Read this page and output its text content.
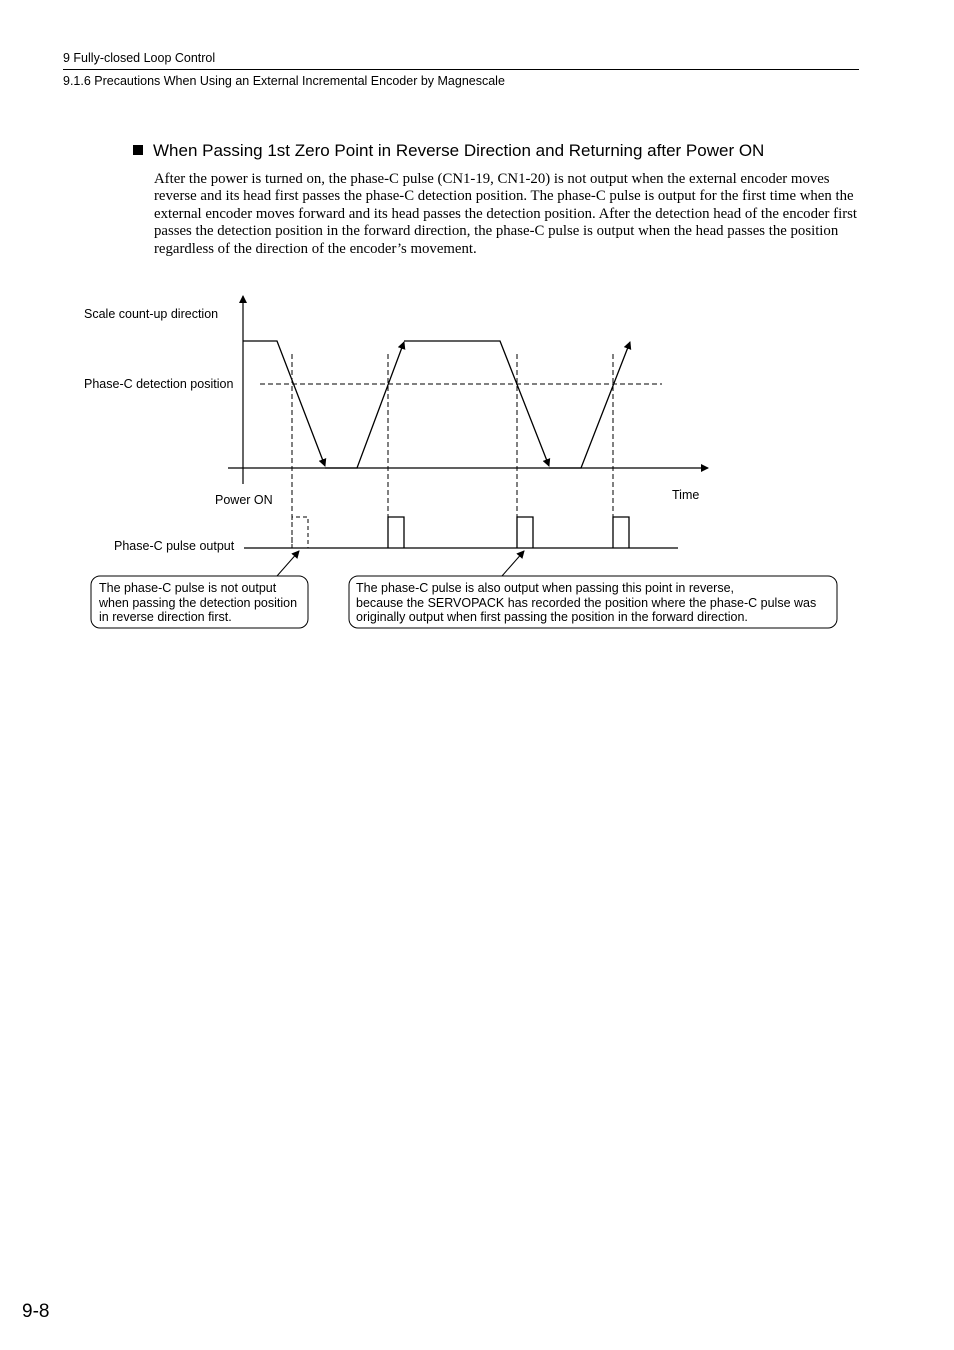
9 Fully-closed Loop Control
9.1.6 Precautions When Using an External Incremental Encoder by Magnescale
When Passing 1st Zero Point in Reverse Direction and Returning after Power ON

After the power is turned on, the phase-C pulse (CN1-19, CN1-20) is not output when the external encoder moves reverse and its head first passes the phase-C detection position. The phase-C pulse is output for the first time when the external encoder moves forward and its head passes the detection position. After the detection head of the encoder first passes the detection position in the forward direction, the phase-C pulse is output when the head passes the position regardless of the direction of the encoder’s movement.

Scale count-up direction
Phase-C detection position
Power ON	Time
Phase-C pulse output
The phase-C pulse is not output
when passing the detection position
in reverse direction first.
The phase-C pulse is also output when passing this point in reverse,
because the SERVOPACK has recorded the position where the phase-C pulse was
originally output when first passing the position in the forward direction.
9-8
